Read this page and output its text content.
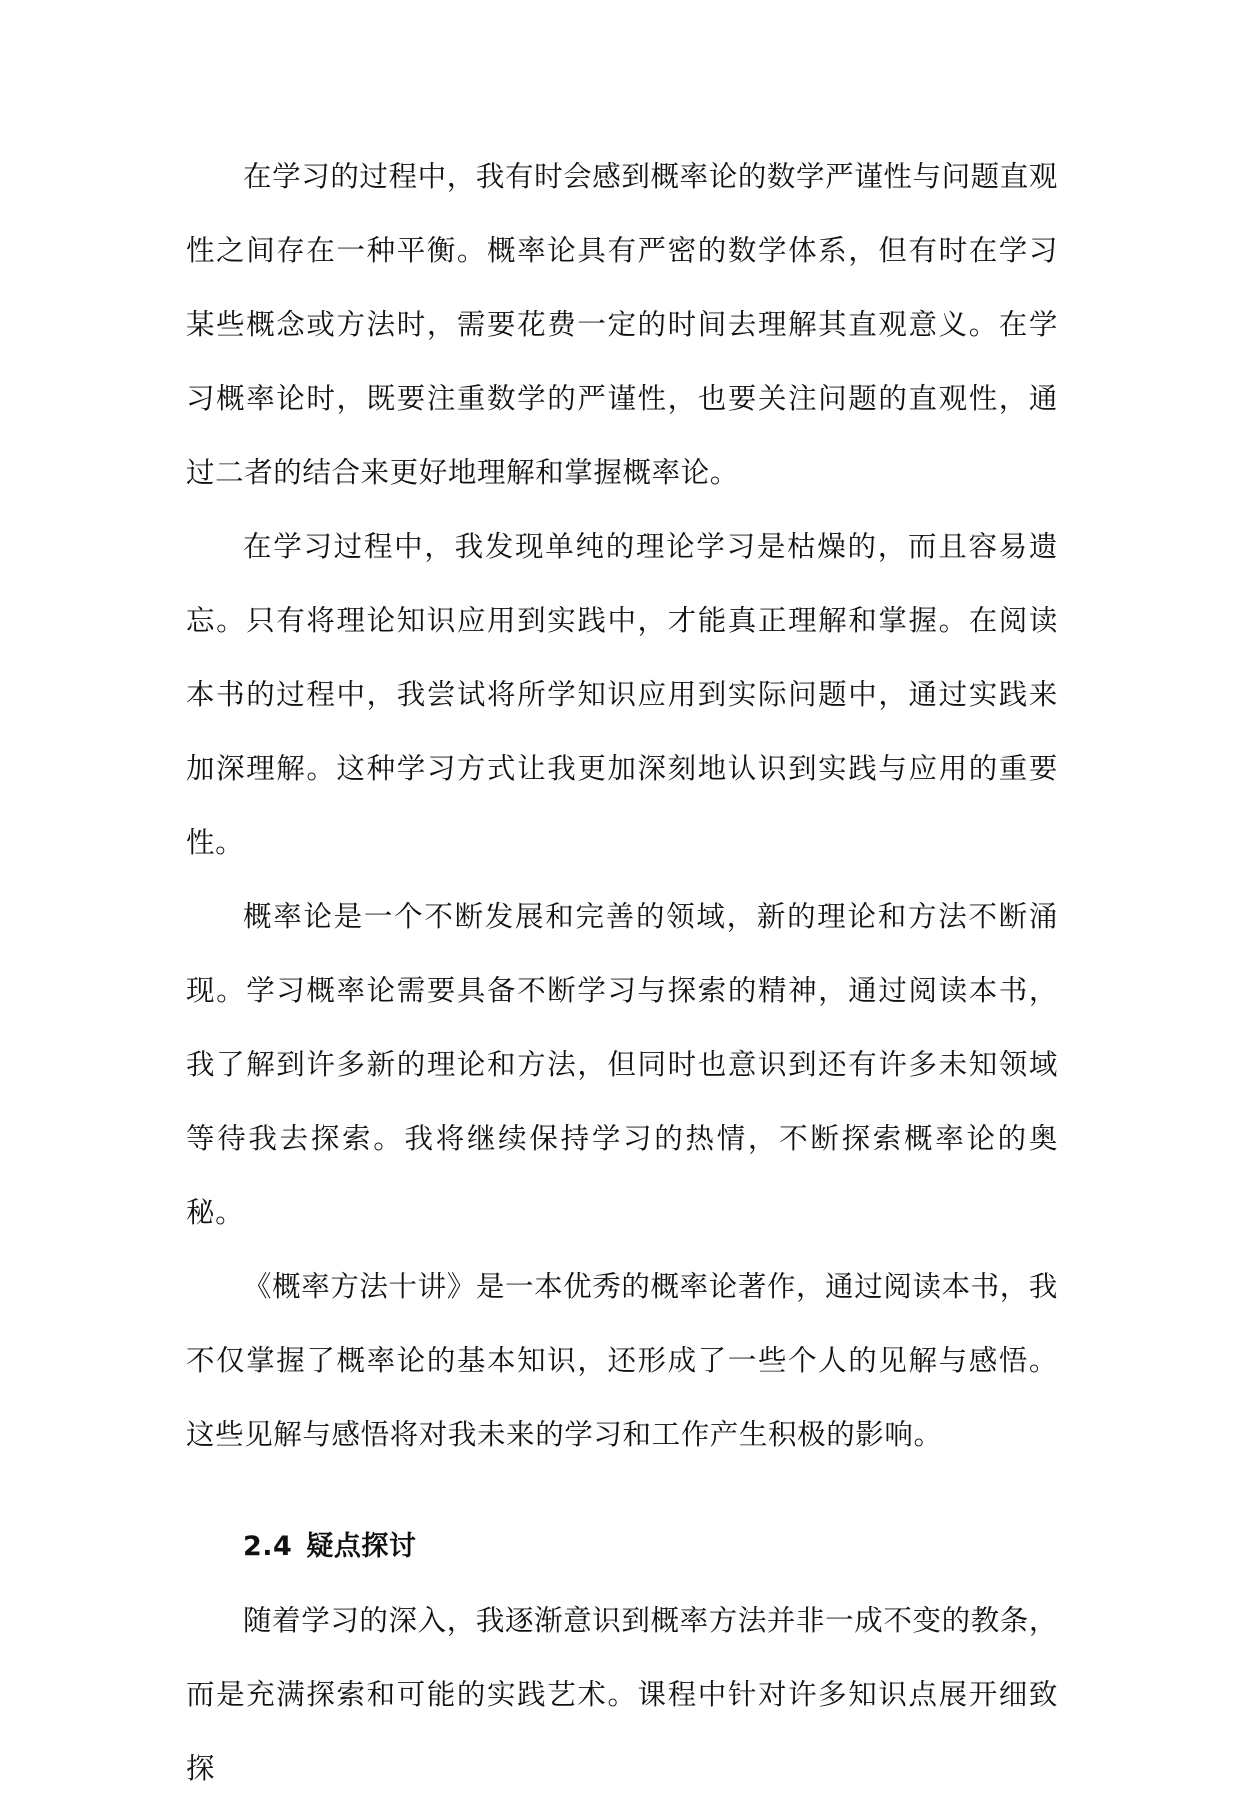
在学习的过程中，我有时会感到概率论的数学严谨性与问题直观性之间存在一种平衡。概率论具有严密的数学体系，但有时在学习某些概念或方法时，需要花费一定的时间去理解其直观意义。在学习概率论时，既要注重数学的严谨性，也要关注问题的直观性，通过二者的结合来更好地理解和掌握概率论。

在学习过程中，我发现单纯的理论学习是枯燥的，而且容易遗忘。只有将理论知识应用到实践中，才能真正理解和掌握。在阅读本书的过程中，我尝试将所学知识应用到实际问题中，通过实践来加深理解。这种学习方式让我更加深刻地认识到实践与应用的重要性。

概率论是一个不断发展和完善的领域，新的理论和方法不断涌现。学习概率论需要具备不断学习与探索的精神，通过阅读本书，我了解到许多新的理论和方法，但同时也意识到还有许多未知领域等待我去探索。我将继续保持学习的热情，不断探索概率论的奥秘。

《概率方法十讲》是一本优秀的概率论著作，通过阅读本书，我不仅掌握了概率论的基本知识，还形成了一些个人的见解与感悟。这些见解与感悟将对我未来的学习和工作产生积极的影响。

2.4 疑点探讨

随着学习的深入，我逐渐意识到概率方法并非一成不变的教条，而是充满探索和可能的实践艺术。课程中针对许多知识点展开细致探
